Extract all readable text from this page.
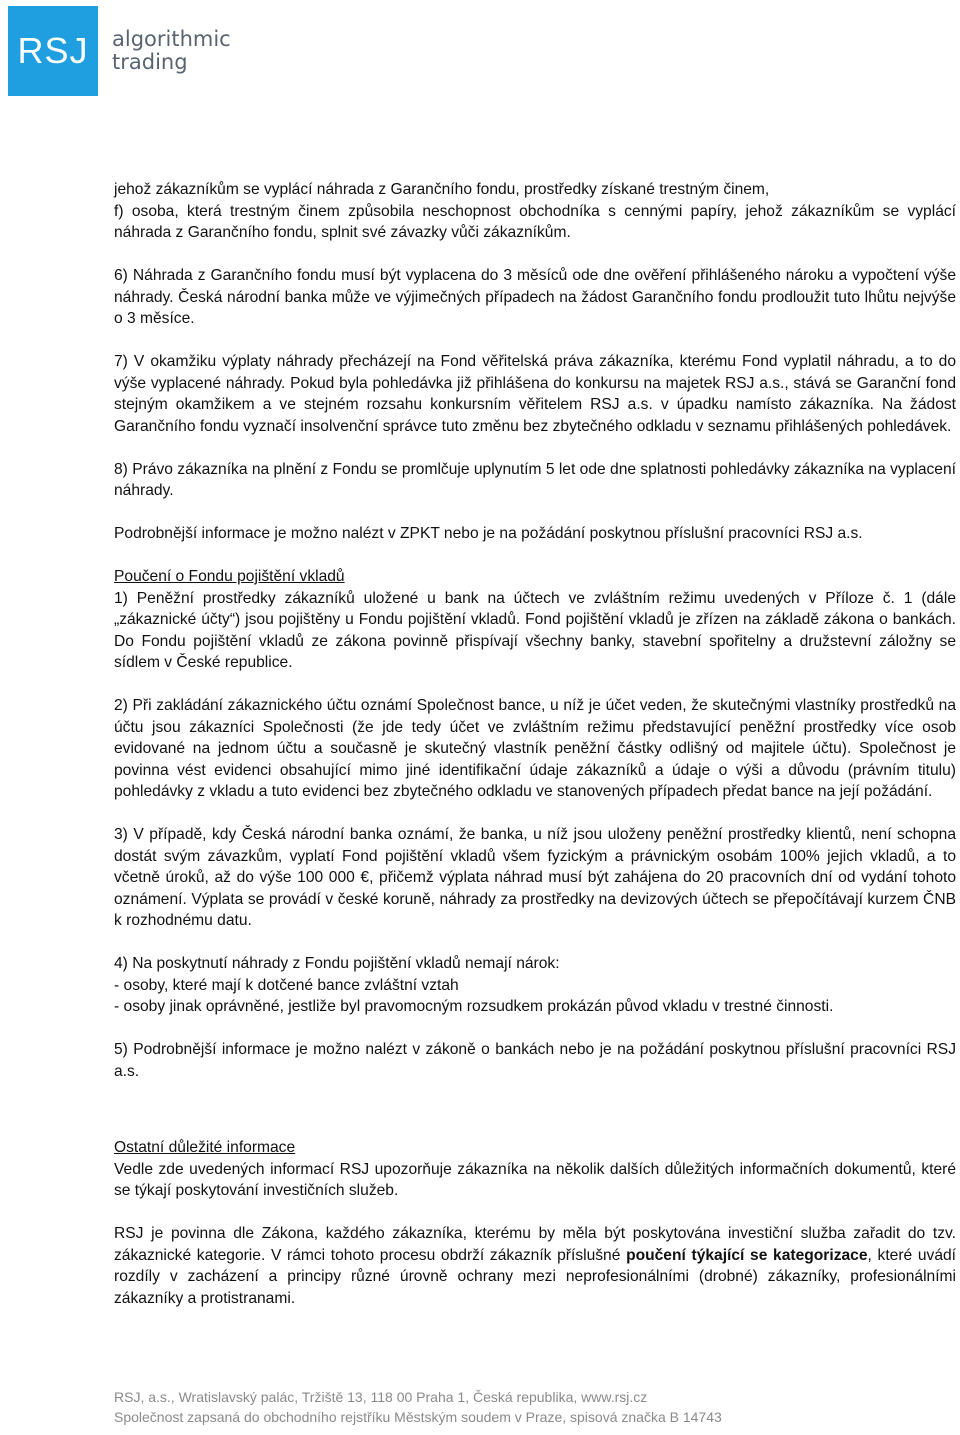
RSJ algorithmic
trading

jehož zákazníkům se vyplácí náhrada z Garančního fondu, prostředky získané trestným činem,

f) osoba, která trestným činem způsobila neschopnost obchodníka s cennými papíry, jehož zákazníkům se vyplácí náhrada z Garančního fondu, splnit své závazky vůči zákazníkům.

6) Náhrada z Garančního fondu musí být vyplacena do 3 měsíců ode dne ověření přihlášeného nároku a vypočtení výše náhrady. Česká národní banka může ve výjimečných případech na žádost Garančního fondu prodloužit tuto lhůtu nejvýše o 3 měsíce.

7) V okamžiku výplaty náhrady přecházejí na Fond věřitelská práva zákazníka, kterému Fond vyplatil náhradu, a to do výše vyplacené náhrady. Pokud byla pohledávka již přihlášena do konkursu na majetek RSJ a.s., stává se Garanční fond stejným okamžikem a ve stejném rozsahu konkursním věřitelem RSJ a.s. v úpadku namísto zákazníka. Na žádost Garančního fondu vyznačí insolvenční správce tuto změnu bez zbytečného odkladu v seznamu přihlášených pohledávek.

8) Právo zákazníka na plnění z Fondu se promlčuje uplynutím 5 let ode dne splatnosti pohledávky zákazníka na vyplacení náhrady.

Podrobnější informace je možno nalézt v ZPKT nebo je na požádání poskytnou příslušní pracovníci RSJ a.s.

Poučení o Fondu pojištění vkladů

1) Peněžní prostředky zákazníků uložené u bank na účtech ve zvláštním režimu uvedených v Příloze č. 1 (dále „zákaznické účty“) jsou pojištěny u Fondu pojištění vkladů. Fond pojištění vkladů je zřízen na základě zákona o bankách. Do Fondu pojištění vkladů ze zákona povinně přispívají všechny banky, stavební spořitelny a družstevní záložny se sídlem v České republice.

2) Při zakládání zákaznického účtu oznámí Společnost bance, u níž je účet veden, že skutečnými vlastníky prostředků na účtu jsou zákazníci Společnosti (že jde tedy účet ve zvláštním režimu představující peněžní prostředky více osob evidované na jednom účtu a současně je skutečný vlastník peněžní částky odlišný od majitele účtu). Společnost je povinna vést evidenci obsahující mimo jiné identifikační údaje zákazníků a údaje o výši a důvodu (právním titulu) pohledávky z vkladu a tuto evidenci bez zbytečného odkladu ve stanovených případech předat bance na její požádání.

3) V případě, kdy Česká národní banka oznámí, že banka, u níž jsou uloženy peněžní prostředky klientů, není schopna dostát svým závazkům, vyplatí Fond pojištění vkladů všem fyzickým a právnickým osobám 100% jejich vkladů, a to včetně úroků, až do výše 100 000 €, přičemž výplata náhrad musí být zahájena do 20 pracovních dní od vydání tohoto oznámení. Výplata se provádí v české koruně, náhrady za prostředky na devizových účtech se přepočítávají kurzem ČNB k rozhodnému datu.

4) Na poskytnutí náhrady z Fondu pojištění vkladů nemají nárok:

- osoby, které mají k dotčené bance zvláštní vztah

- osoby jinak oprávněné, jestliže byl pravomocným rozsudkem prokázán původ vkladu v trestné činnosti.

5) Podrobnější informace je možno nalézt v zákoně o bankách nebo je na požádání poskytnou příslušní pracovníci RSJ a.s.

Ostatní důležité informace

Vedle zde uvedených informací RSJ upozorňuje zákazníka na několik dalších důležitých informačních dokumentů, které se týkají poskytování investičních služeb.

RSJ je povinna dle Zákona, každého zákazníka, kterému by měla být poskytována investiční služba zařadit do tzv. zákaznické kategorie. V rámci tohoto procesu obdrží zákazník příslušné poučení týkající se kategorizace, které uvádí rozdíly v zacházení a principy různé úrovně ochrany mezi neprofesionálními (drobné) zákazníky, profesionálními zákazníky a protistranami.

RSJ, a.s., Wratislavský palác, Tržiště 13, 118 00 Praha 1, Česká republika, www.rsj.cz
Společnost zapsaná do obchodního rejstříku Městským soudem v Praze, spisová značka B 14743
